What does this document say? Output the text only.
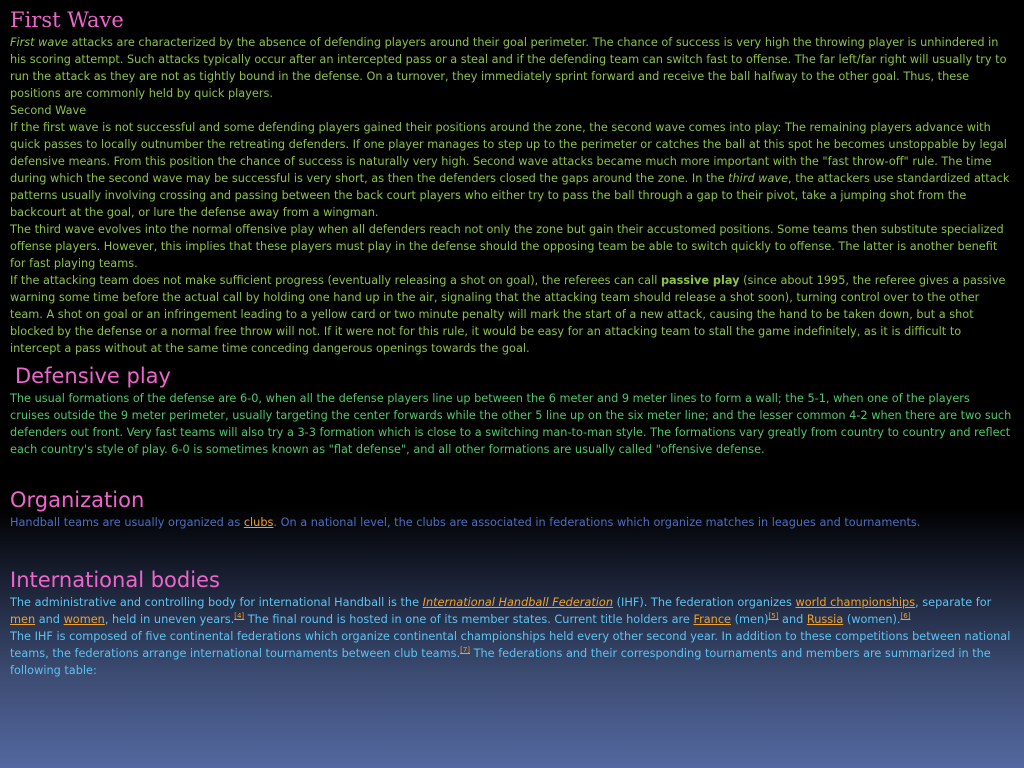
First Wave

First wave attacks are characterized by the absence of defending players around their goal perimeter. The chance of success is very high the throwing player is unhindered in his scoring attempt. Such attacks typically occur after an intercepted pass or a steal and if the defending team can switch fast to offense. The far left/far right will usually try to run the attack as they are not as tightly bound in the defense. On a turnover, they immediately sprint forward and receive the ball halfway to the other goal. Thus, these positions are commonly held by quick players.

Second Wave

If the first wave is not successful and some defending players gained their positions around the zone, the second wave comes into play: The remaining players advance with quick passes to locally outnumber the retreating defenders. If one player manages to step up to the perimeter or catches the ball at this spot he becomes unstoppable by legal defensive means. From this position the chance of success is naturally very high. Second wave attacks became much more important with the "fast throw-off" rule. The time during which the second wave may be successful is very short, as then the defenders closed the gaps around the zone. In the third wave, the attackers use standardized attack patterns usually involving crossing and passing between the back court players who either try to pass the ball through a gap to their pivot, take a jumping shot from the backcourt at the goal, or lure the defense away from a wingman.

The third wave evolves into the normal offensive play when all defenders reach not only the zone but gain their accustomed positions. Some teams then substitute specialized offense players. However, this implies that these players must play in the defense should the opposing team be able to switch quickly to offense. The latter is another benefit for fast playing teams.

If the attacking team does not make sufficient progress (eventually releasing a shot on goal), the referees can call passive play (since about 1995, the referee gives a passive warning some time before the actual call by holding one hand up in the air, signaling that the attacking team should release a shot soon), turning control over to the other team. A shot on goal or an infringement leading to a yellow card or two minute penalty will mark the start of a new attack, causing the hand to be taken down, but a shot blocked by the defense or a normal free throw will not. If it were not for this rule, it would be easy for an attacking team to stall the game indefinitely, as it is difficult to intercept a pass without at the same time conceding dangerous openings towards the goal.

Defensive play

The usual formations of the defense are 6-0, when all the defense players line up between the 6 meter and 9 meter lines to form a wall; the 5-1, when one of the players cruises outside the 9 meter perimeter, usually targeting the center forwards while the other 5 line up on the six meter line; and the lesser common 4-2 when there are two such defenders out front. Very fast teams will also try a 3-3 formation which is close to a switching man-to-man style. The formations vary greatly from country to country and reflect each country's style of play. 6-0 is sometimes known as "flat defense", and all other formations are usually called "offensive defense.

Organization

Handball teams are usually organized as clubs. On a national level, the clubs are associated in federations which organize matches in leagues and tournaments.

International bodies

The administrative and controlling body for international Handball is the International Handball Federation (IHF). The federation organizes world championships, separate for men and women, held in uneven years.[4] The final round is hosted in one of its member states. Current title holders are France (men)[5] and Russia (women).[6]

The IHF is composed of five continental federations which organize continental championships held every other second year. In addition to these competitions between national teams, the federations arrange international tournaments between club teams.[7] The federations and their corresponding tournaments and members are summarized in the following table:
